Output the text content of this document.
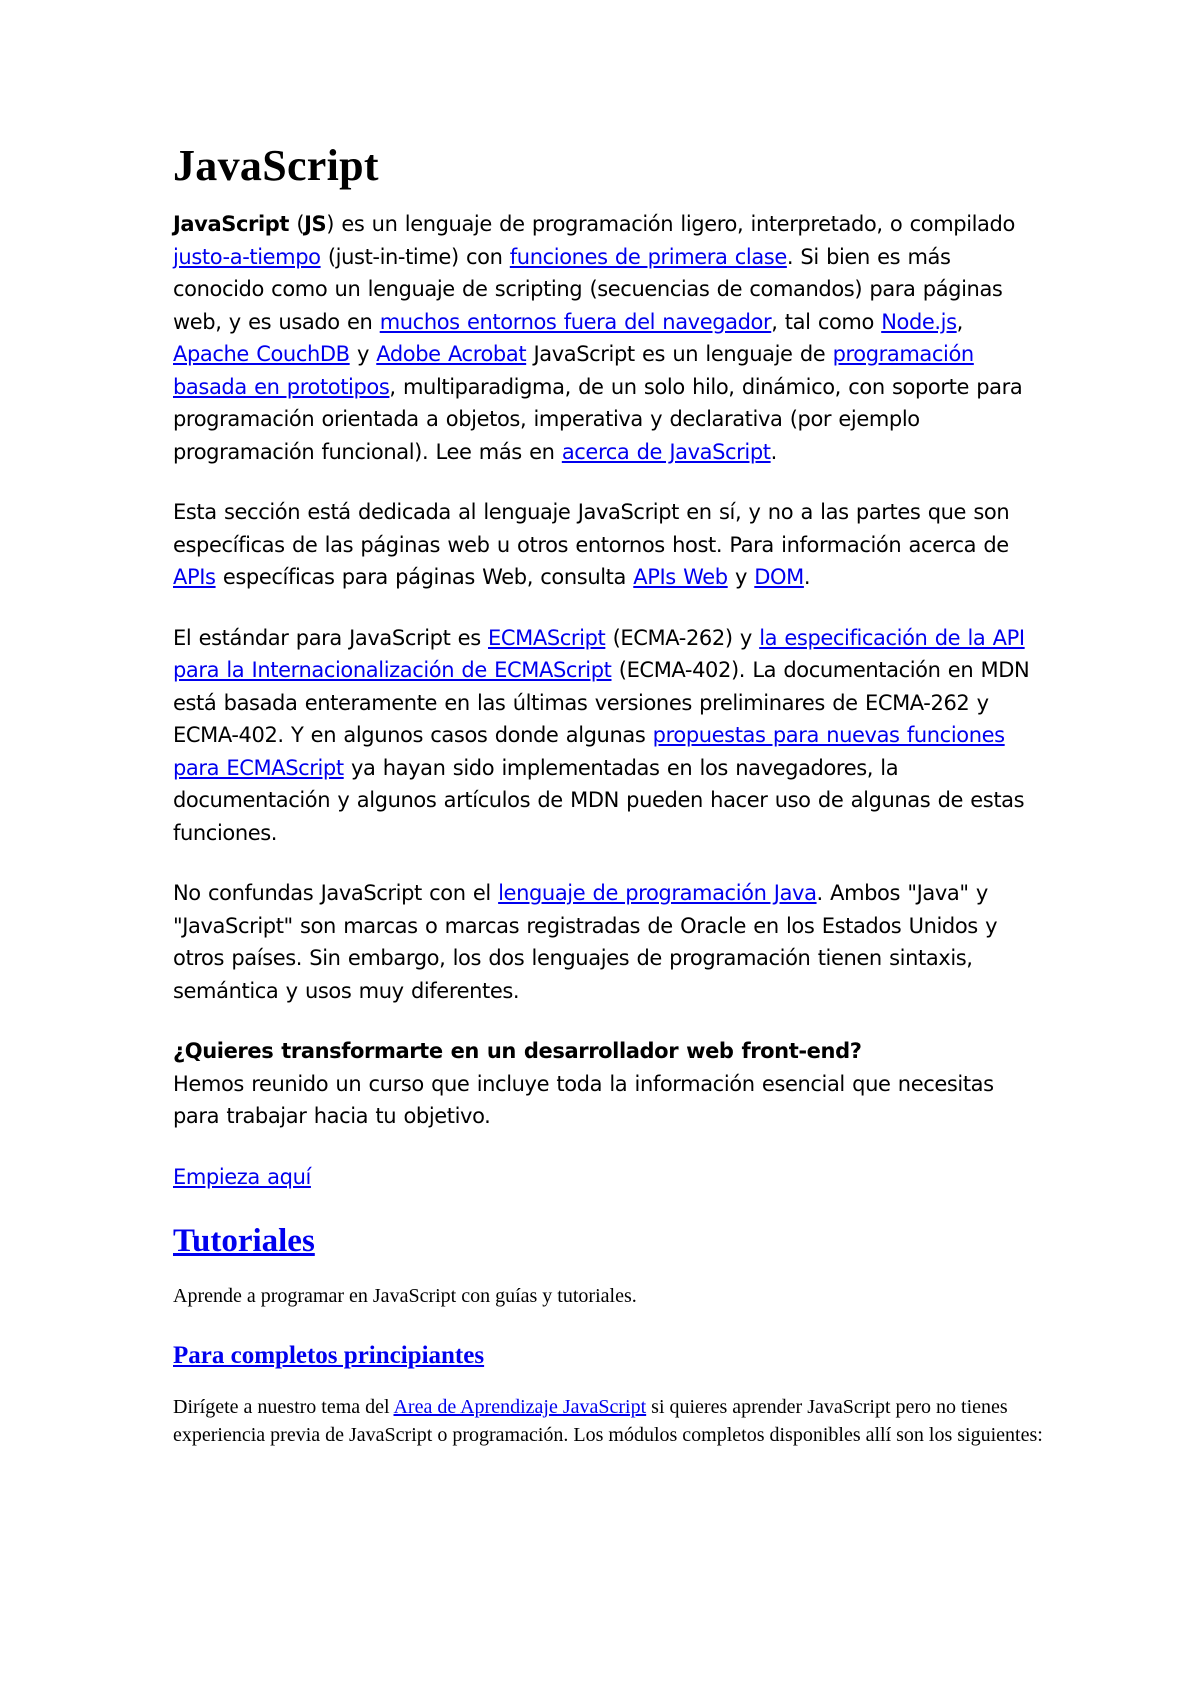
JavaScript

JavaScript (JS) es un lenguaje de programación ligero, interpretado, o compilado justo-a-tiempo (just-in-time) con funciones de primera clase. Si bien es más conocido como un lenguaje de scripting (secuencias de comandos) para páginas web, y es usado en muchos entornos fuera del navegador, tal como Node.js, Apache CouchDB y Adobe Acrobat JavaScript es un lenguaje de programación basada en prototipos, multiparadigma, de un solo hilo, dinámico, con soporte para programación orientada a objetos, imperativa y declarativa (por ejemplo programación funcional). Lee más en acerca de JavaScript.

Esta sección está dedicada al lenguaje JavaScript en sí, y no a las partes que son específicas de las páginas web u otros entornos host. Para información acerca de APIs específicas para páginas Web, consulta APIs Web y DOM.

El estándar para JavaScript es ECMAScript (ECMA-262) y la especificación de la API para la Internacionalización de ECMAScript (ECMA-402). La documentación en MDN está basada enteramente en las últimas versiones preliminares de ECMA-262 y ECMA-402. Y en algunos casos donde algunas propuestas para nuevas funciones para ECMAScript ya hayan sido implementadas en los navegadores, la documentación y algunos artículos de MDN pueden hacer uso de algunas de estas funciones.

No confundas JavaScript con el lenguaje de programación Java. Ambos "Java" y "JavaScript" son marcas o marcas registradas de Oracle en los Estados Unidos y otros países. Sin embargo, los dos lenguajes de programación tienen sintaxis, semántica y usos muy diferentes.

¿Quieres transformarte en un desarrollador web front-end?
Hemos reunido un curso que incluye toda la información esencial que necesitas para trabajar hacia tu objetivo.

Empieza aquí

Tutoriales

Aprende a programar en JavaScript con guías y tutoriales.

Para completos principiantes

Dirígete a nuestro tema del Area de Aprendizaje JavaScript si quieres aprender JavaScript pero no tienes experiencia previa de JavaScript o programación. Los módulos completos disponibles allí son los siguientes:
